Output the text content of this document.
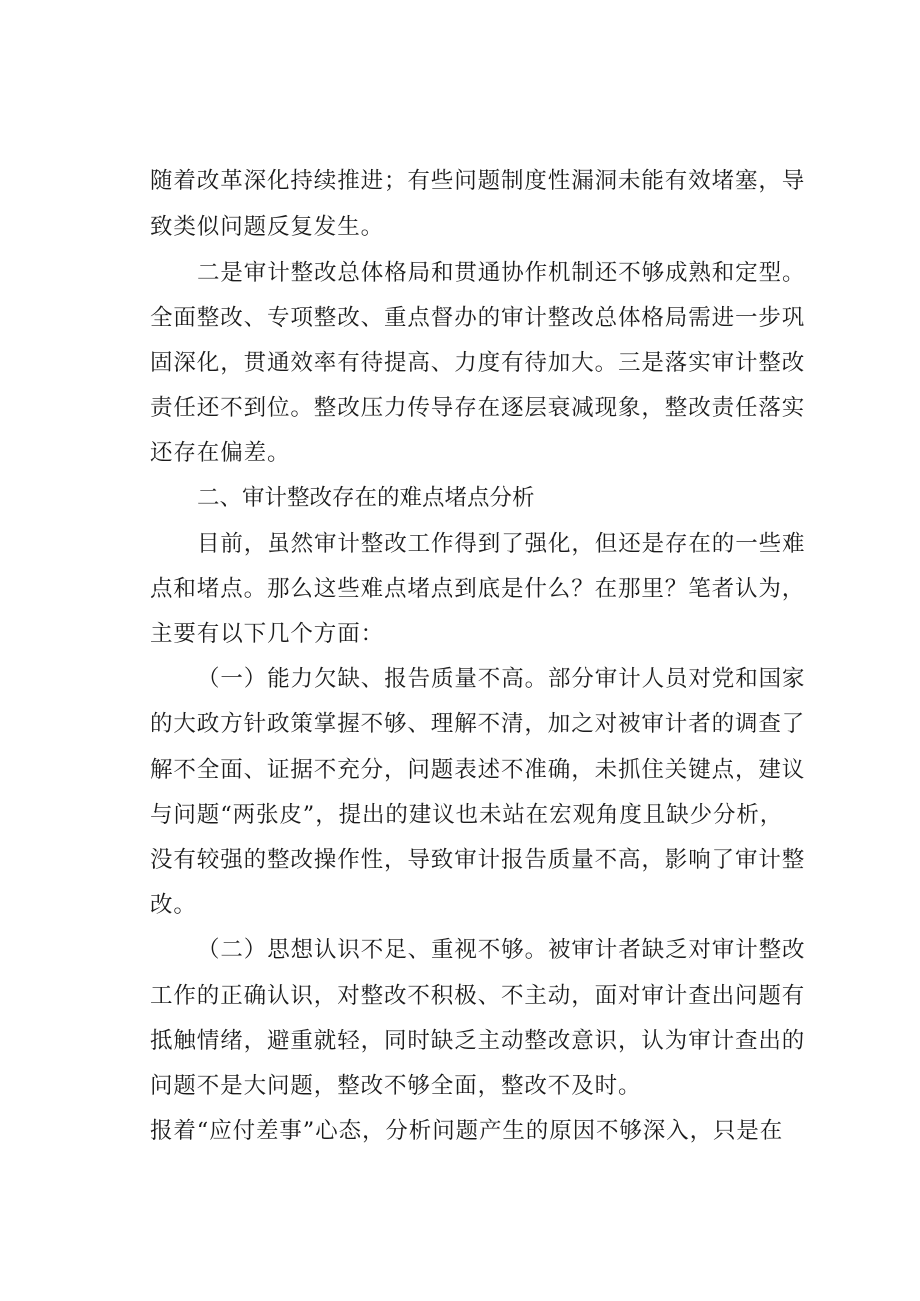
随着改革深化持续推进；有些问题制度性漏洞未能有效堵塞，导
致类似问题反复发生。
二是审计整改总体格局和贯通协作机制还不够成熟和定型。
全面整改、专项整改、重点督办的审计整改总体格局需进一步巩
固深化，贯通效率有待提高、力度有待加大。三是落实审计整改
责任还不到位。整改压力传导存在逐层衰减现象，整改责任落实
还存在偏差。
二、审计整改存在的难点堵点分析
目前，虽然审计整改工作得到了强化，但还是存在的一些难
点和堵点。那么这些难点堵点到底是什么？在那里？笔者认为，
主要有以下几个方面：
（一）能力欠缺、报告质量不高。部分审计人员对党和国家
的大政方针政策掌握不够、理解不清，加之对被审计者的调查了
解不全面、证据不充分，问题表述不准确，未抓住关键点，建议
与问题“两张皮”，提出的建议也未站在宏观角度且缺少分析，
没有较强的整改操作性，导致审计报告质量不高，影响了审计整
改。
（二）思想认识不足、重视不够。被审计者缺乏对审计整改
工作的正确认识，对整改不积极、不主动，面对审计查出问题有
抵触情绪，避重就轻，同时缺乏主动整改意识，认为审计查出的
问题不是大问题，整改不够全面，整改不及时。
报着“应付差事”心态，分析问题产生的原因不够深入，只是在
